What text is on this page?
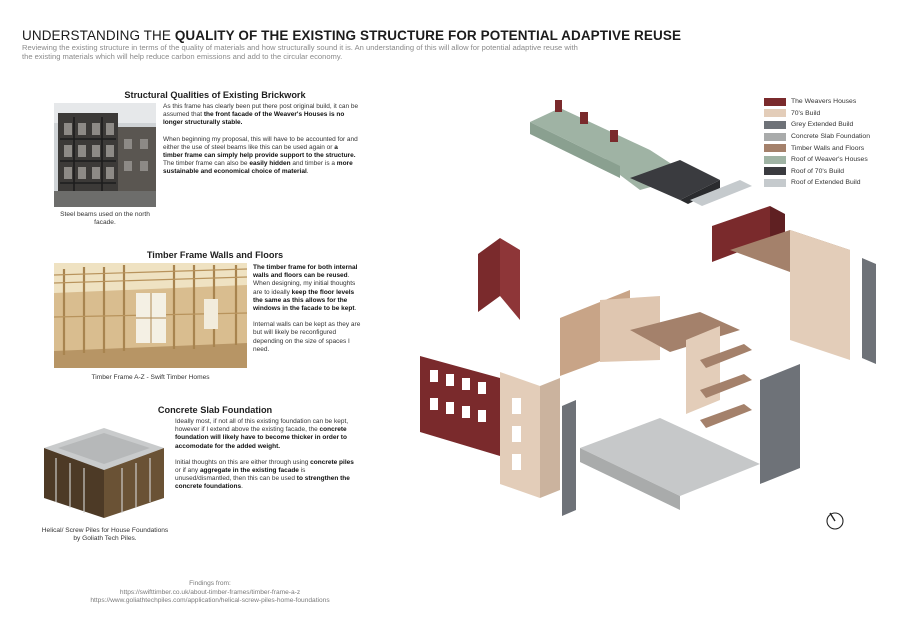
UNDERSTANDING THE QUALITY OF THE EXISTING STRUCTURE FOR POTENTIAL ADAPTIVE REUSE
Reviewing the existing structure in terms of the quality of materials and how structurally sound it is. An understanding of this will allow for potential adaptive reuse with the existing materials which will help reduce carbon emissions and add to the circular economy.
Structural Qualities of Existing Brickwork

As this frame has clearly been put there post original build, it can be assumed that the front facade of the Weaver's Houses is no longer structurally stable.

When beginning my proposal, this will have to be accounted for and either the use of steel beams like this can be used again or a timber frame can simply help provide support to the structure. The timber frame can also be easily hidden and timber is a more sustainable and economical choice of material.

Steel beams used on the north facade.
Timber Frame Walls and Floors

The timber frame for both internal walls and floors can be reused. When designing, my initial thoughts are to ideally keep the floor levels the same as this allows for the windows in the facade to be kept.

Internal walls can be kept as they are but will likely be reconfigured depending on the size of spaces I need.

Timber Frame A-Z - Swift Timber Homes
Concrete Slab Foundation

Ideally most, if not all of this existing foundation can be kept, however if I extend above the existing facade, the concrete foundation will likely have to become thicker in order to accomodate for the added weight.

Initial thoughts on this are either through using concrete piles or if any aggregate in the existing facade is unused/dismantled, then this can be used to strengthen the concrete foundations.

Helical/ Screw Piles for House Foundations by Goliath Tech Piles.
Findings from:
https://swifttimber.co.uk/about-timber-frames/timber-frame-a-z
https://www.goliathtechpiles.com/application/helical-screw-piles-home-foundations
The Weavers Houses
70's Build
Grey Extended Build
Concrete Slab Foundation
Timber Walls and Floors
Roof of Weaver's Houses
Roof of 70's Build
Roof of Extended Build
